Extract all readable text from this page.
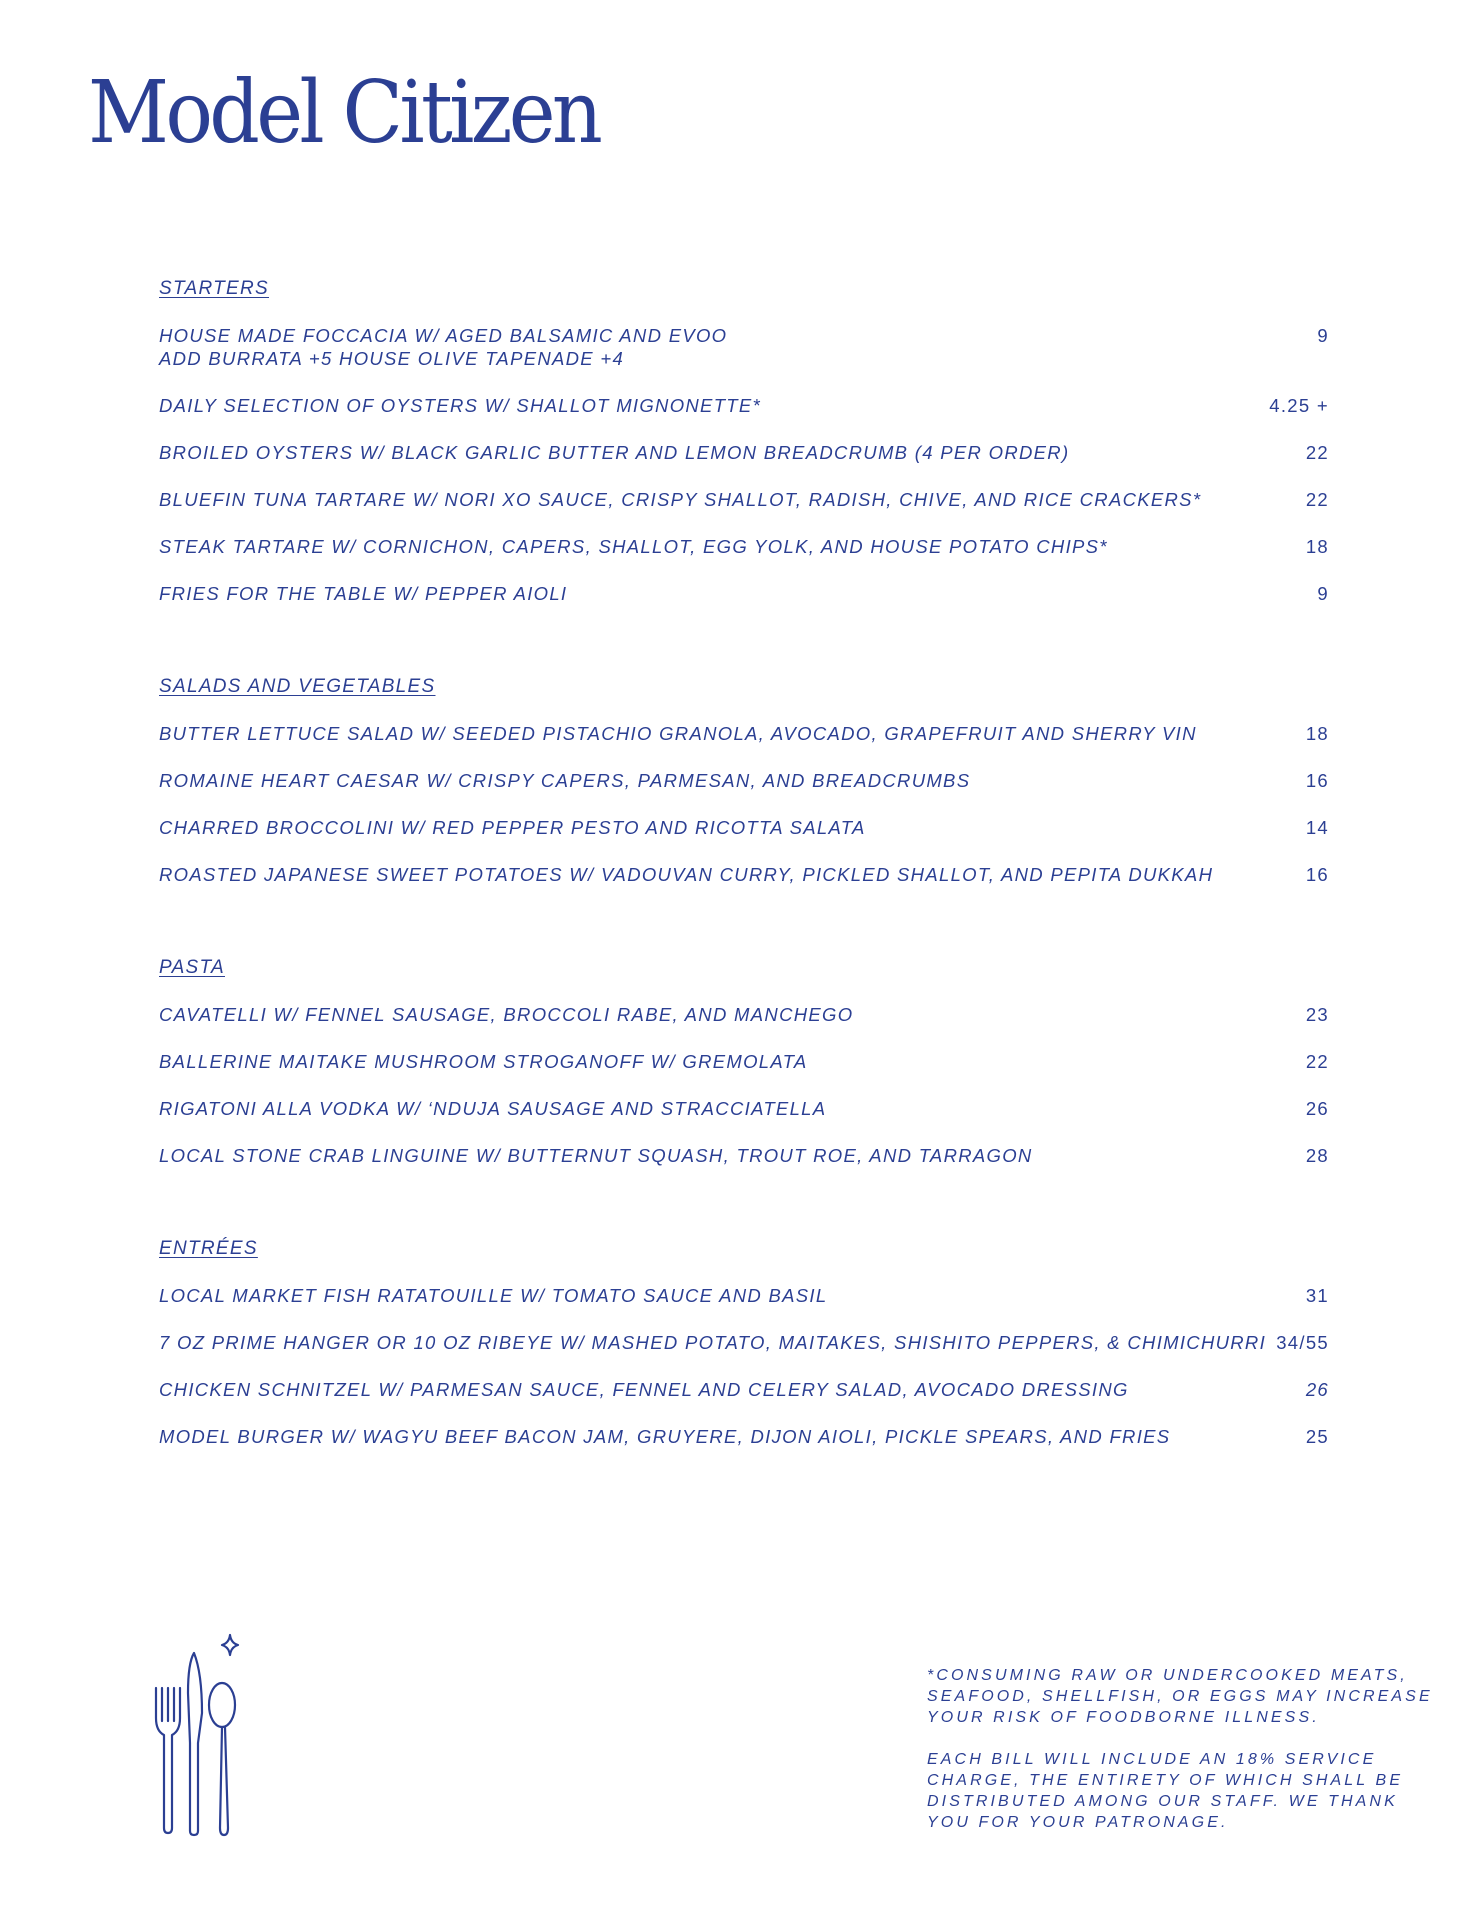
Model Citizen
STARTERS
HOUSE MADE FOCCACIA W/ AGED BALSAMIC AND EVOO
ADD BURRATA +5 HOUSE OLIVE TAPENADE +4
9
DAILY SELECTION OF OYSTERS W/ SHALLOT MIGNONETTE*	4.25 +
BROILED OYSTERS W/ BLACK GARLIC BUTTER AND LEMON BREADCRUMB (4 PER ORDER)	22
BLUEFIN TUNA TARTARE W/ NORI XO SAUCE, CRISPY SHALLOT, RADISH, CHIVE, AND RICE CRACKERS*	22
STEAK TARTARE W/ CORNICHON, CAPERS, SHALLOT, EGG YOLK, AND HOUSE POTATO CHIPS*	18
FRIES FOR THE TABLE W/ PEPPER AIOLI	9
SALADS AND VEGETABLES
BUTTER LETTUCE SALAD W/ SEEDED PISTACHIO GRANOLA, AVOCADO, GRAPEFRUIT AND SHERRY VIN	18
ROMAINE HEART CAESAR W/ CRISPY CAPERS, PARMESAN, AND BREADCRUMBS	16
CHARRED BROCCOLINI W/ RED PEPPER PESTO AND RICOTTA SALATA	14
ROASTED JAPANESE SWEET POTATOES W/ VADOUVAN CURRY, PICKLED SHALLOT, AND PEPITA DUKKAH	16
PASTA
CAVATELLI W/ FENNEL SAUSAGE, BROCCOLI RABE, AND MANCHEGO	23
BALLERINE MAITAKE MUSHROOM STROGANOFF W/ GREMOLATA	22
RIGATONI ALLA VODKA W/ ‘NDUJA SAUSAGE AND STRACCIATELLA	26
LOCAL STONE CRAB LINGUINE W/ BUTTERNUT SQUASH, TROUT ROE, AND TARRAGON	28
ENTRÉES
LOCAL MARKET FISH RATATOUILLE W/ TOMATO SAUCE AND BASIL	31
7 OZ PRIME HANGER OR 10 OZ RIBEYE W/ MASHED POTATO, MAITAKES, SHISHITO PEPPERS, & CHIMICHURRI 34/55
CHICKEN SCHNITZEL W/ PARMESAN SAUCE, FENNEL AND CELERY SALAD, AVOCADO DRESSING	26
MODEL BURGER W/ WAGYU BEEF BACON JAM, GRUYERE, DIJON AIOLI, PICKLE SPEARS, AND FRIES	25

*CONSUMING RAW OR UNDERCOOKED MEATS, SEAFOOD, SHELLFISH, OR EGGS MAY INCREASE YOUR RISK OF FOODBORNE ILLNESS.

EACH BILL WILL INCLUDE AN 18% SERVICE CHARGE, THE ENTIRETY OF WHICH SHALL BE DISTRIBUTED AMONG OUR STAFF. WE THANK YOU FOR YOUR PATRONAGE.
